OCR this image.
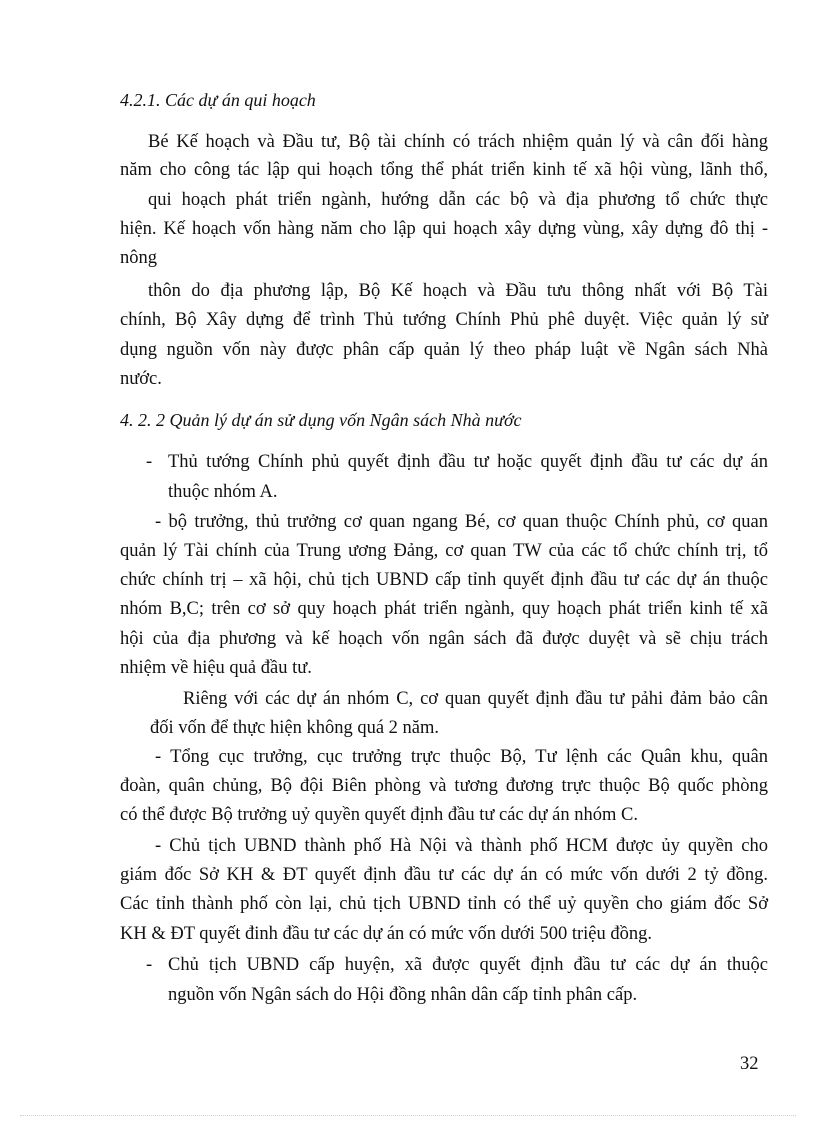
4.2.1. Các dự án qui hoạch
Bé Kế hoạch và Đầu tư, Bộ tài chính có trách nhiệm quản lý và cân đối hàng
năm cho công tác lập qui hoạch tổng thể phát triển kinh tế xã hội vùng, lãnh thổ,
qui hoạch phát triển ngành, hướng dẫn các bộ và địa phương tổ chức thực
hiện. Kế hoạch vốn hàng năm cho lập qui hoạch xây dựng vùng, xây dựng đô thị -
nông
thôn do địa phương lập, Bộ Kế hoạch và Đầu tưu thông nhất với Bộ Tài
chính, Bộ Xây dựng để trình Thủ tướng Chính Phủ phê duyệt. Việc quản lý sử
dụng nguồn vốn này được phân cấp quản lý theo pháp luật về Ngân sách Nhà
nước.
4. 2. 2 Quản lý dự án sử dụng vốn Ngân sách Nhà nước
- Thủ tướng Chính phủ quyết định đầu tư hoặc quyết định đầu tư các dự án
thuộc nhóm A.
- bộ trưởng, thủ trưởng cơ quan ngang Bé, cơ quan thuộc Chính phủ, cơ quan
quản lý Tài chính của Trung ương Đảng, cơ quan TW của các tổ chức chính trị, tổ
chức chính trị – xã hội, chủ tịch UBND cấp tỉnh quyết định đầu tư các dự án thuộc
nhóm B,C; trên cơ sở quy hoạch phát triển ngành, quy hoạch phát triển kinh tế xã
hội của địa phương và kế hoạch vốn ngân sách đã được duyệt và sẽ chịu trách
nhiệm về hiệu quả đầu tư.
Riêng với các dự án nhóm C, cơ quan quyết định đầu tư pảhi đảm bảo cân
đối vốn để thực hiện không quá 2 năm.
- Tổng cục trưởng, cục trưởng trực thuộc Bộ, Tư lệnh các Quân khu, quân
đoàn, quân chủng, Bộ đội Biên phòng và tương đương trực thuộc Bộ quốc phòng
có thể được Bộ trưởng uỷ quyền quyết định đầu tư các dự án nhóm C.
- Chủ tịch UBND thành phố Hà Nội và thành phố HCM được ủy quyền cho
giám đốc Sở KH & ĐT quyết định đầu tư các dự án có mức vốn dưới 2 tỷ đồng.
Các tỉnh thành phố còn lại, chủ tịch UBND tỉnh có thể uỷ quyền cho giám đốc Sở
KH & ĐT quyết đinh đầu tư các dự án có mức vốn dưới 500 triệu đồng.
- Chủ tịch UBND cấp huyện, xã được quyết định đầu tư các dự án thuộc
nguồn vốn Ngân sách do Hội đồng nhân dân cấp tỉnh phân cấp.
32
